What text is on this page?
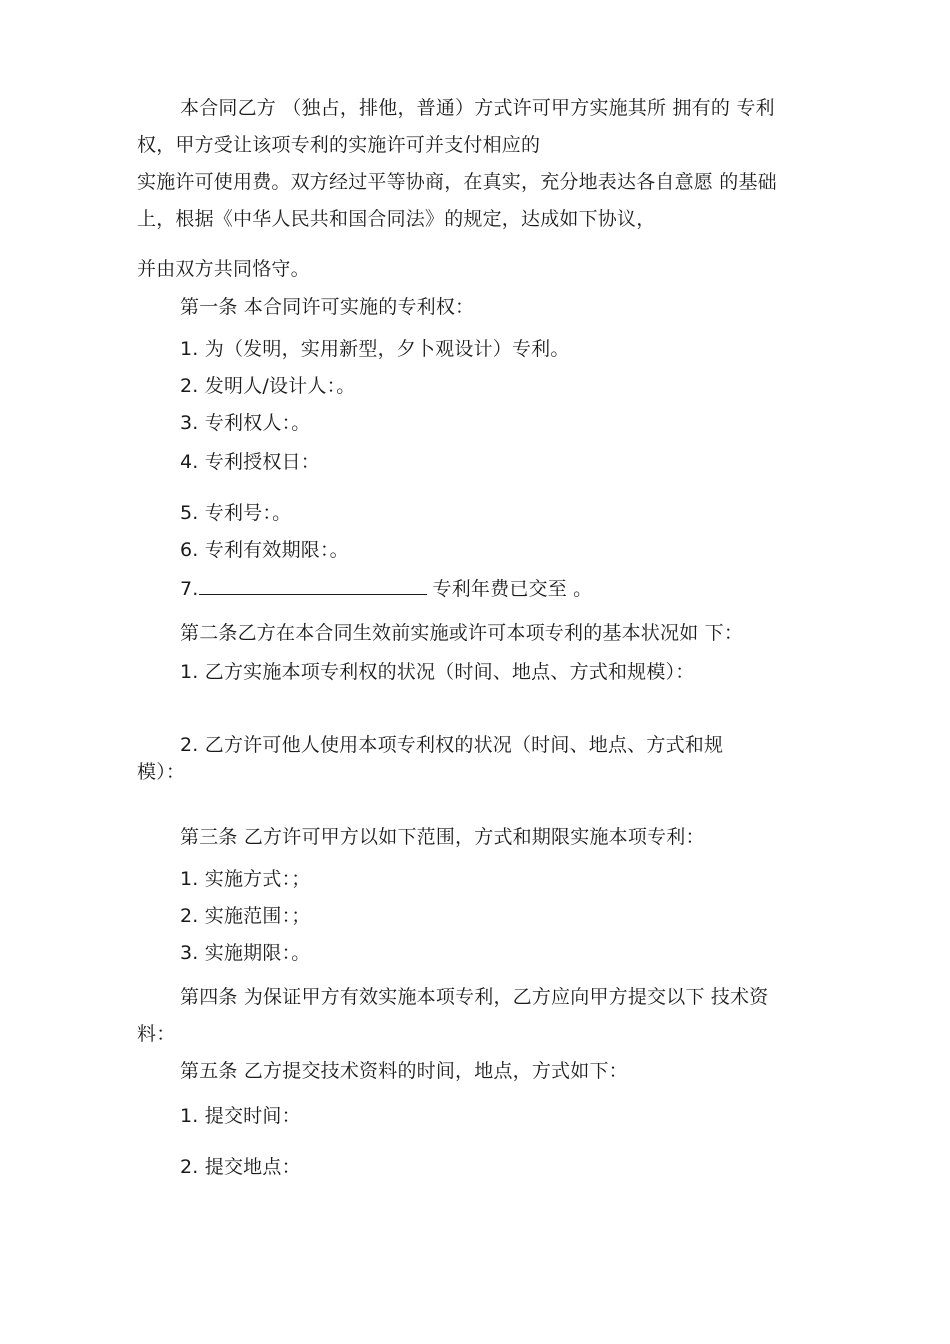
本合同乙方 （独占，排他，普通）方式许可甲方实施其所 拥有的 专利

权，甲方受让该项专利的实施许可并支付相应的

实施许可使用费。双方经过平等协商，在真实，充分地表达各自意愿 的基础

上，根据《中华人民共和国合同法》的规定，达成如下协议，

并由双方共同恪守。

第一条 本合同许可实施的专利权：

1. 为（发明，实用新型，夕卜观设计）专利。

2. 发明人/设计人：。

3. 专利权人：。

4. 专利授权日：

5. 专利号：。

6. 专利有效期限：。

7.	专利年费已交至 。

第二条乙方在本合同生效前实施或许可本项专利的基本状况如 下：

1. 乙方实施本项专利权的状况（时间、地点、方式和规模）：

2. 乙方许可他人使用本项专利权的状况（时间、地点、方式和规

模）：

第三条 乙方许可甲方以如下范围，方式和期限实施本项专利：

1. 实施方式：；

2. 实施范围：；

3. 实施期限：。

第四条 为保证甲方有效实施本项专利，乙方应向甲方提交以下 技术资

料：

第五条 乙方提交技术资料的时间，地点，方式如下：

1. 提交时间：

2. 提交地点：
